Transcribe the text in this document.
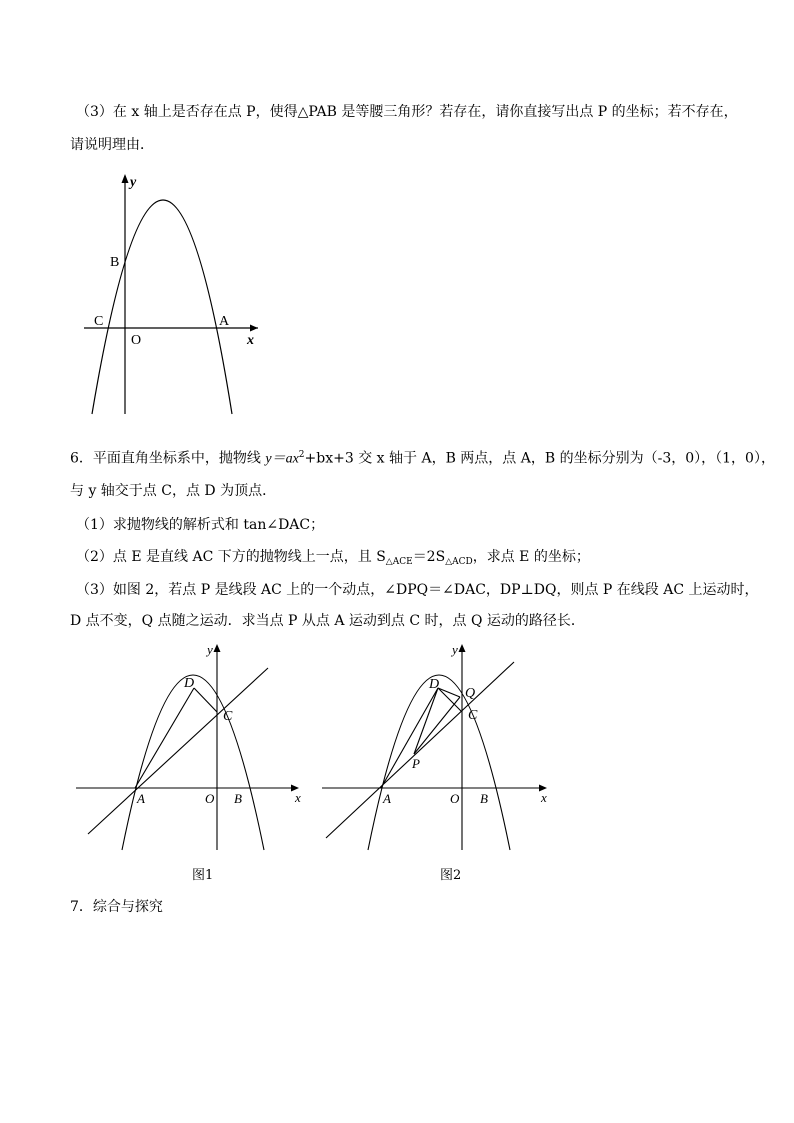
（3）在 x 轴上是否存在点 P，使得△PAB 是等腰三角形？若存在，请你直接写出点 P 的坐标；若不存在，
请说明理由．
y
B
C	A
O	x
6．平面直角坐标系中，抛物线 $y=ax^2+bx+3$ 交 x 轴于 A，B 两点，点 A，B 的坐标分别为（-3，0），（1，0），
与 y 轴交于点 C，点 D 为顶点．
（1）求抛物线的解析式和 tan∠DAC；
（2）点 E 是直线 AC 下方的抛物线上一点，且 $S_{\triangle ACE}=2S_{\triangle ACD}$，求点 E 的坐标；
（3）如图 2，若点 P 是线段 AC 上的一个动点，∠DPQ＝∠DAC，DP⊥DQ，则点 P 在线段 AC 上运动时，
D 点不变，Q 点随之运动．求当点 P 从点 A 运动到点 C 时，点 Q 运动的路径长．
y
D
C
A	O B	x
图1
y
D
Q
C
P
A	O B	x
图2
7．综合与探究
